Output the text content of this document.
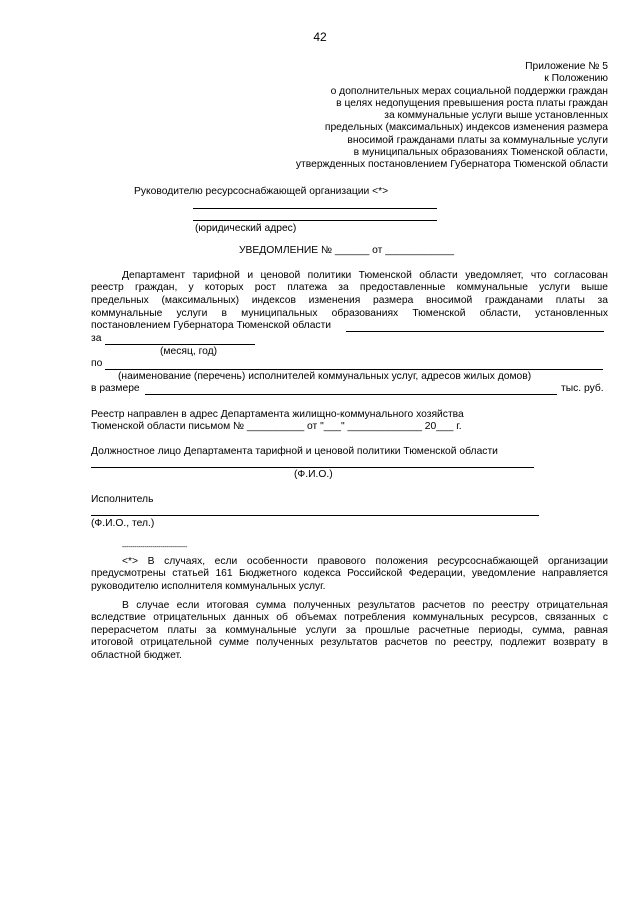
42
Приложение № 5
к Положению
о дополнительных мерах социальной поддержки граждан
в целях недопущения превышения роста платы граждан
за коммунальные услуги выше установленных
предельных (максимальных) индексов изменения размера
вносимой гражданами платы за коммунальные услуги
в муниципальных образованиях Тюменской области,
утвержденных постановлением Губернатора Тюменской области
Руководителю ресурсоснабжающей организации <*>
(юридический адрес)
УВЕДОМЛЕНИЕ № ______ от ____________
Департамент тарифной и ценовой политики Тюменской области уведомляет, что согласован
реестр граждан, у которых рост платежа за предоставленные коммунальные услуги выше
предельных (максимальных) индексов изменения размера вносимой гражданами платы за
коммунальные услуги в муниципальных образованиях Тюменской области, установленных
постановлением Губернатора Тюменской области
за
(месяц, год)
по
(наименование (перечень) исполнителей коммунальных услуг, адресов жилых домов)
в размере	тыс. руб.
Реестр направлен в адрес Департамента жилищно-коммунального хозяйства
Тюменской области письмом № __________ от "___" _____________ 20___ г.
Должностное лицо Департамента тарифной и ценовой политики Тюменской области
(Ф.И.О.)
Исполнитель
(Ф.И.О., тел.)
--------------------------------
<*> В случаях, если особенности правового положения ресурсоснабжающей организации
предусмотрены статьей 161 Бюджетного кодекса Российской Федерации, уведомление направляется
руководителю исполнителя коммунальных услуг.
В случае если итоговая сумма полученных результатов расчетов по реестру отрицательная
вследствие отрицательных данных об объемах потребления коммунальных ресурсов, связанных с
перерасчетом платы за коммунальные услуги за прошлые расчетные периоды, сумма, равная
итоговой отрицательной сумме полученных результатов расчетов по реестру, подлежит возврату в
областной бюджет.
